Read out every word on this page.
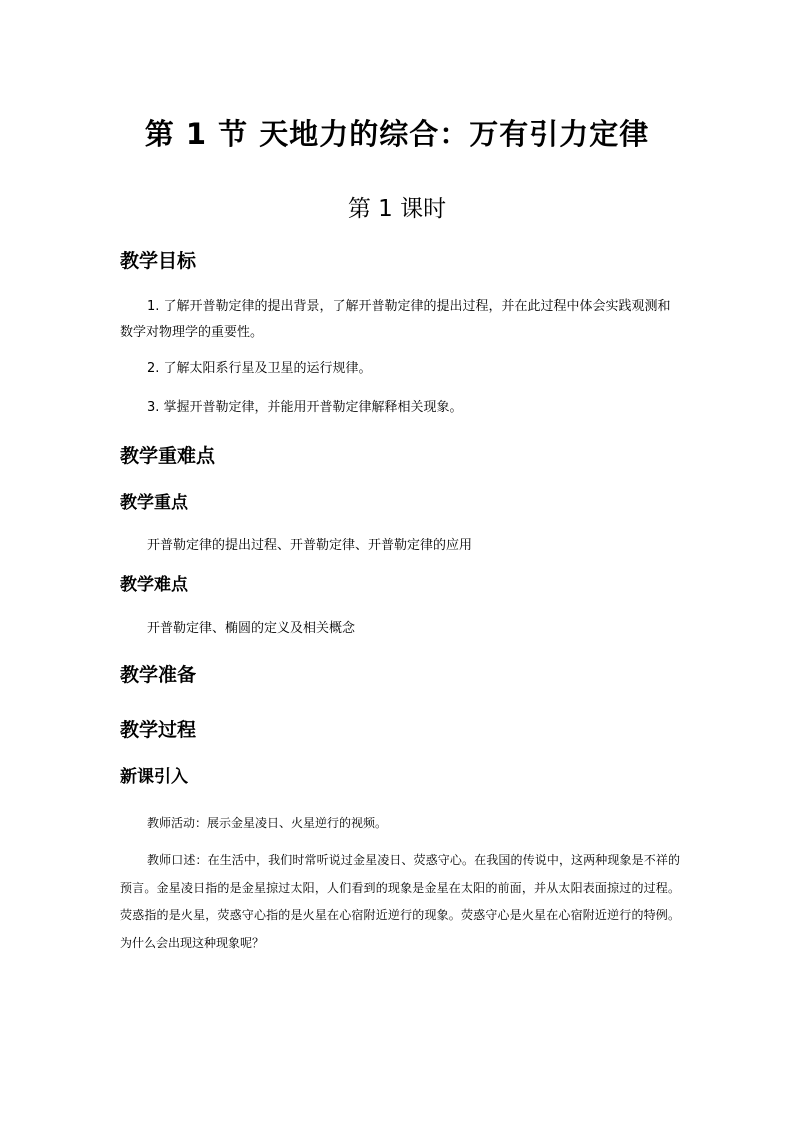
第 1 节 天地力的综合：万有引力定律
第 1 课时
教学目标
1. 了解开普勒定律的提出背景，了解开普勒定律的提出过程，并在此过程中体会实践观测和数学对物理学的重要性。
2. 了解太阳系行星及卫星的运行规律。
3. 掌握开普勒定律，并能用开普勒定律解释相关现象。
教学重难点
教学重点
开普勒定律的提出过程、开普勒定律、开普勒定律的应用
教学难点
开普勒定律、椭圆的定义及相关概念
教学准备
教学过程
新课引入
教师活动：展示金星凌日、火星逆行的视频。
教师口述：在生活中，我们时常听说过金星凌日、荧惑守心。在我国的传说中，这两种现象是不祥的预言。金星凌日指的是金星掠过太阳，人们看到的现象是金星在太阳的前面，并从太阳表面掠过的过程。荧惑指的是火星，荧惑守心指的是火星在心宿附近逆行的现象。荧惑守心是火星在心宿附近逆行的特例。为什么会出现这种现象呢？
